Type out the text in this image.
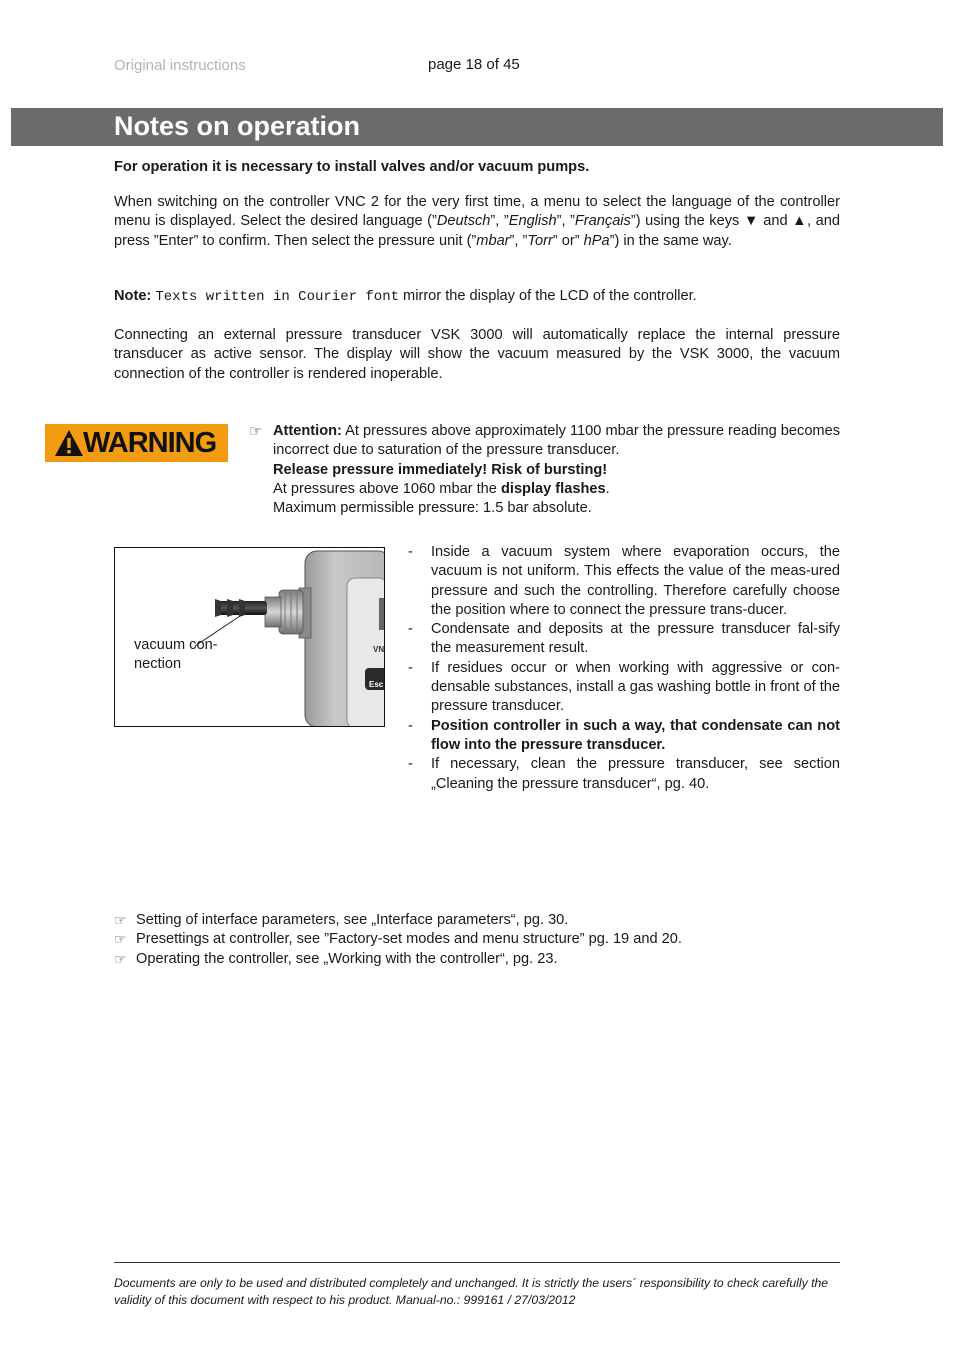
Original instructions	page 18 of 45
Notes on operation
For operation it is necessary to install valves and/or vacuum pumps.
When switching on the controller VNC 2 for the very first time, a menu to select the language of the controller menu is displayed. Select the desired language (”Deutsch”, ”English”, ”Français”) using the keys ▼ and ▲, and press ”Enter” to confirm. Then select the pressure unit (”mbar”, ”Torr” or” hPa”) in the same way.
Note: Texts written in Courier font mirror the display of the LCD of the controller.
Connecting an external pressure transducer VSK 3000 will automatically replace the internal pressure transducer as active sensor. The display will show the vacuum measured by the VSK 3000, the vacuum connection of the controller is rendered inoperable.
WARNING ☞ Attention: At pressures above approximately 1100 mbar the pressure reading becomes incorrect due to saturation of the pressure transducer.
Release pressure immediately! Risk of bursting!
At pressures above 1060 mbar the display flashes.
Maximum permissible pressure: 1.5 bar absolute.
VN
Esc
vacuum con-
nection
-	Inside a vacuum system where evaporation occurs, the vacuum is not uniform. This effects the value of the meas-ured pressure and such the controlling. Therefore carefully choose the position where to connect the pressure trans-ducer.
-	Condensate and deposits at the pressure transducer fal-sify the measurement result.
-	If residues occur or when working with aggressive or con-densable substances, install a gas washing bottle in front of the pressure transducer.
-	Position controller in such a way, that condensate can not flow into the pressure transducer.
-	If necessary, clean the pressure transducer, see section „Cleaning the pressure transducer“, pg. 40.
☞ Setting of interface parameters, see „Interface parameters“, pg. 30.
☞ Presettings at controller, see ”Factory-set modes and menu structure” pg. 19 and 20.
☞ Operating the controller, see „Working with the controller“, pg. 23.
Documents are only to be used and distributed completely and unchanged. It is strictly the users´ responsibility to check carefully the validity of this document with respect to his product. Manual-no.: 999161 / 27/03/2012
